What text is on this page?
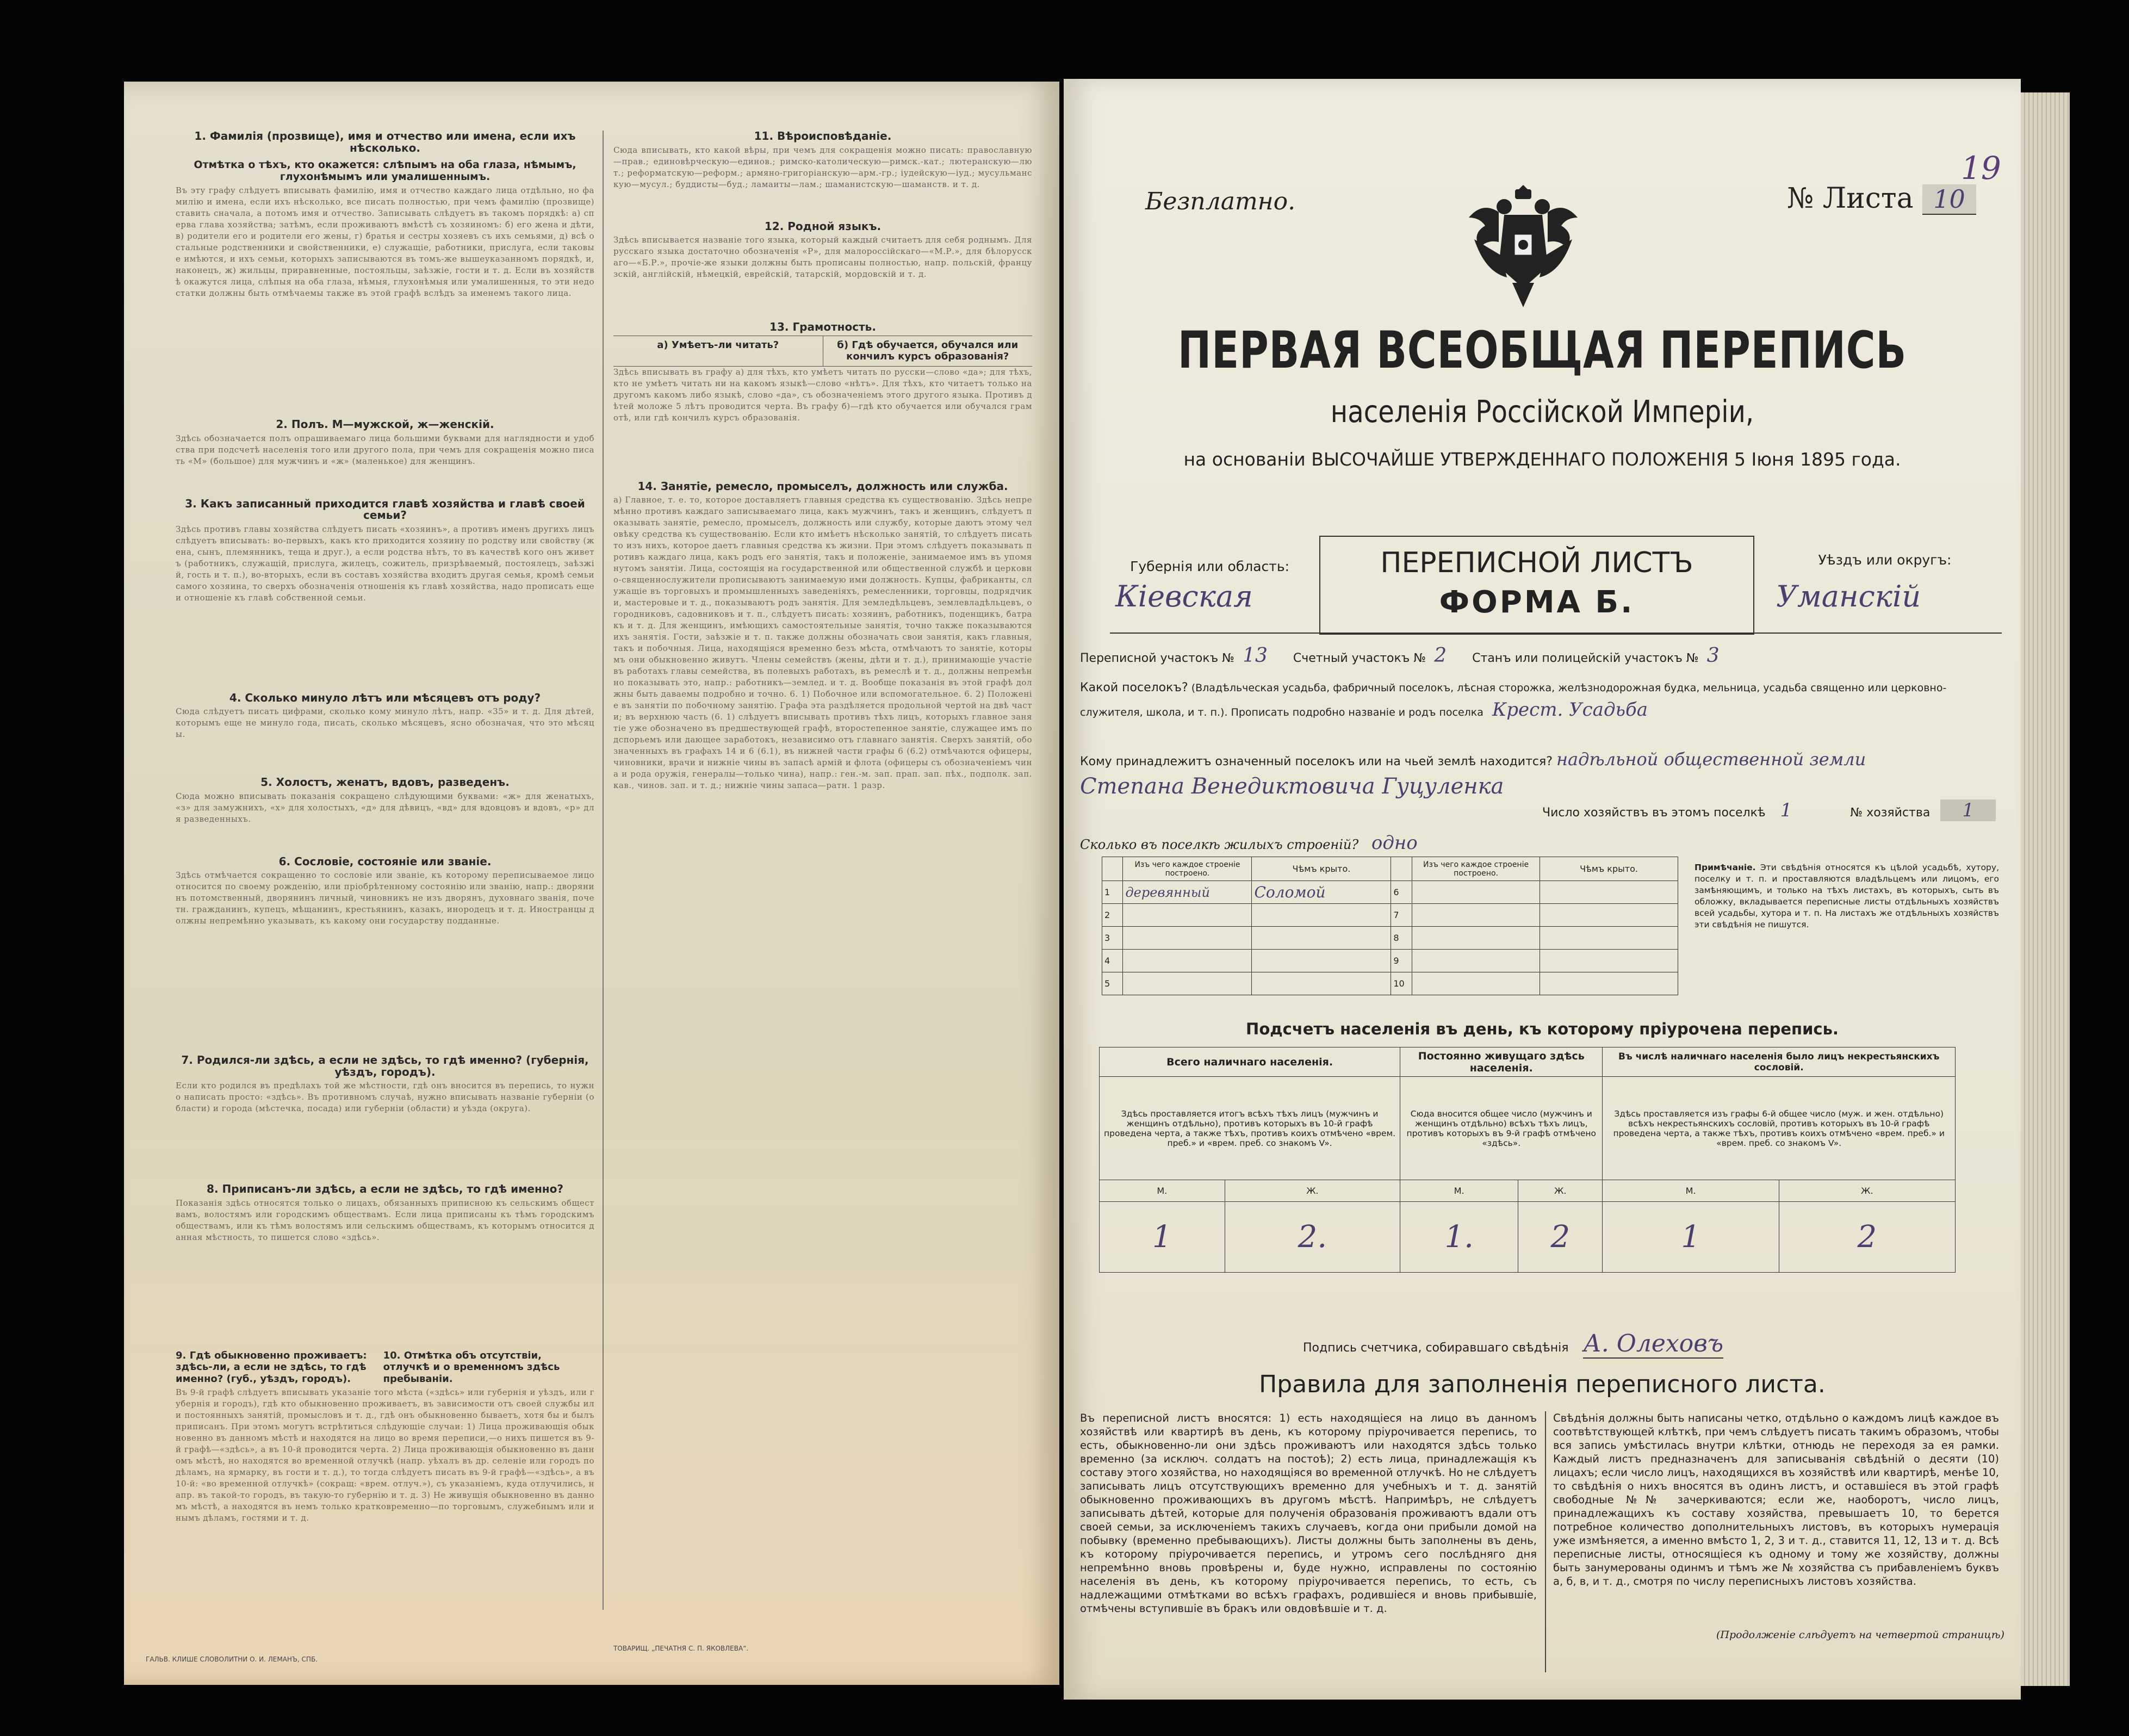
1. Фамилія (прозвище), имя и отчество или имена, если ихъ нѣсколько.
Отмѣтка о тѣхъ, кто окажется: слѣпымъ на оба глаза, нѣмымъ, глухонѣмымъ или умалишеннымъ.
Въ эту графу слѣдуетъ вписывать фамилію, имя и отчество каждаго лица отдѣльно, но фамилію и имена, если ихъ нѣсколько, все писать полностью, при чемъ фамилію (прозвище) ставить сначала, а потомъ имя и отчество. Записывать слѣдуетъ въ такомъ порядкѣ: а) сперва глава хозяйства; затѣмъ, если проживаютъ вмѣстѣ съ хозяиномъ: б) его жена и дѣти, в) родители его и родители его жены, г) братья и сестры хозяевъ съ ихъ семьями, д) всѣ остальные родственники и свойственники, е) служащіе, работники, прислуга, если таковые имѣются, и ихъ семьи, которыхъ записываются въ томъ-же вышеуказанномъ порядкѣ, и, наконецъ, ж) жильцы, приравненные, постояльцы, заѣзжіе, гости и т. д. Если въ хозяйствѣ окажутся лица, слѣпыя на оба глаза, нѣмыя, глухонѣмыя или умалишенныя, то эти недостатки должны быть отмѣчаемы также въ этой графѣ вслѣдъ за именемъ такого лица.
2. Полъ. М—мужской, ж—женскій.
Здѣсь обозначается полъ опрашиваемаго лица большими буквами для наглядности и удобства при подсчетѣ населенія того или другого пола, при чемъ для сокращенія можно писать «М» (большое) для мужчинъ и «ж» (маленькое) для женщинъ.
3. Какъ записанный приходится главѣ хозяйства и главѣ своей семьи?
Здѣсь противъ главы хозяйства слѣдуетъ писать «хозяинъ», а противъ именъ другихъ лицъ слѣдуетъ вписывать: во-первыхъ, какъ кто приходится хозяину по родству или свойству (жена, сынъ, племянникъ, теща и друг.), а если родства нѣтъ, то въ качествѣ кого онъ живетъ (работникъ, служащій, прислуга, жилецъ, сожитель, призрѣваемый, постоялецъ, заѣзжій, гость и т. п.), во-вторыхъ, если въ составъ хозяйства входитъ другая семья, кромѣ семьи самого хозяина, то сверхъ обозначенія отношенія къ главѣ хозяйства, надо прописать еще и отношеніе къ главѣ собственной семьи.
4. Сколько минуло лѣтъ или мѣсяцевъ отъ роду?
Сюда слѣдуетъ писать цифрами, сколько кому минуло лѣтъ, напр. «35» и т. д. Для дѣтей, которымъ еще не минуло года, писать, сколько мѣсяцевъ, ясно обозначая, что это мѣсяцы.
5. Холостъ, женатъ, вдовъ, разведенъ.
Сюда можно вписывать показанія сокращено слѣдующими буквами: «ж» для женатыхъ, «з» для замужнихъ, «х» для холостыхъ, «д» для дѣвицъ, «вд» для вдовцовъ и вдовъ, «р» для разведенныхъ.
6. Сословіе, состояніе или званіе.
Здѣсь отмѣчается сокращенно то сословіе или званіе, къ которому переписываемое лицо относится по своему рожденію, или пріобрѣтенному состоянію или званію, напр.: дворянинъ потомственный, дворянинъ личный, чиновникъ не изъ дворянъ, духовнаго званія, почетн. гражданинъ, купецъ, мѣщанинъ, крестьянинъ, казакъ, инородецъ и т. д. Иностранцы должны непремѣнно указывать, къ какому они государству подданные.
7. Родился-ли здѣсь, а если не здѣсь, то гдѣ именно? (губернія, уѣздъ, городъ).
Если кто родился въ предѣлахъ той же мѣстности, гдѣ онъ вносится въ перепись, то нужно написать просто: «здѣсь». Въ противномъ случаѣ, нужно вписывать названіе губерніи (области) и города (мѣстечка, посада) или губерніи (области) и уѣзда (округа).
8. Приписанъ-ли здѣсь, а если не здѣсь, то гдѣ именно?
Показанія здѣсь относятся только о лицахъ, обязанныхъ приписною къ сельскимъ обществамъ, волостямъ или городскимъ обществамъ. Если лица приписаны къ тѣмъ городскимъ обществамъ, или къ тѣмъ волостямъ или сельскимъ обществамъ, къ которымъ относится данная мѣстность, то пишется слово «здѣсь».
9. Гдѣ обыкновенно проживаетъ: здѣсь-ли, а если не здѣсь, то гдѣ именно? (губ., уѣздъ, городъ).
10. Отмѣтка объ отсутствіи, отлучкѣ и о временномъ здѣсь пребываніи.
Въ 9-й графѣ слѣдуетъ вписывать указаніе того мѣста («здѣсь» или губернія и уѣздъ, или губернія и городъ), гдѣ кто обыкновенно проживаетъ, въ зависимости отъ своей службы или постоянныхъ занятій, промысловъ и т. д., гдѣ онъ обыкновенно бываетъ, хотя бы и былъ приписанъ. При этомъ могутъ встрѣтиться слѣдующіе случаи: 1) Лица проживающія обыкновенно въ данномъ мѣстѣ и находятся на лицо во время переписи,—о нихъ пишется въ 9-й графѣ—«здѣсь», а въ 10-й проводится черта. 2) Лица проживающія обыкновенно въ данномъ мѣстѣ, но находятся во временной отлучкѣ (напр. уѣхалъ въ др. селеніе или городъ по дѣламъ, на ярмарку, въ гости и т. д.), то тогда слѣдуетъ писать въ 9-й графѣ—«здѣсь», а въ 10-й: «во временной отлучкѣ» (сокращ: «врем. отлуч.»), съ указаніемъ, куда отлучились, напр. въ такой-то городъ, въ такую-то губернію и т. д. 3) Не живущія обыкновенно въ данномъ мѣстѣ, а находятся въ немъ только кратковременно—по торговымъ, служебнымъ или инымъ дѣламъ, гостями и т. д.
11. Вѣроисповѣданіе.
Сюда вписывать, кто какой вѣры, при чемъ для сокращенія можно писать: православную—прав.; единовѣрческую—единов.; римско-католическую—римск.-кат.; лютеранскую—лют.; реформатскую—реформ.; армяно-григоріанскую—арм.-гр.; іудейскую—іуд.; мусульманскую—мусул.; буддисты—буд.; ламаиты—лам.; шаманистскую—шаманств. и т. д.
12. Родной языкъ.
Здѣсь вписывается названіе того языка, который каждый считаетъ для себя роднымъ. Для русскаго языка достаточно обозначенія «Р», для малороссійскаго—«М.Р.», для бѣлорусскаго—«Б.Р.», прочіе-же языки должны быть прописаны полностью, напр. польскій, французскій, англійскій, нѣмецкій, еврейскій, татарскій, мордовскій и т. д.
13. Грамотность.
а) Умѣетъ-ли читать?	б) Гдѣ обучается, обучался или кончилъ курсъ образованія?
Здѣсь вписывать въ графу а) для тѣхъ, кто умѣетъ читать по русски—слово «да»; для тѣхъ, кто не умѣетъ читать ни на какомъ языкѣ—слово «нѣтъ». Для тѣхъ, кто читаетъ только на другомъ какомъ либо языкѣ, слово «да», съ обозначеніемъ этого другого языка. Противъ дѣтей моложе 5 лѣтъ проводится черта. Въ графу б)—гдѣ кто обучается или обучался грамотѣ, или гдѣ кончилъ курсъ образованія.
14. Занятіе, ремесло, промыселъ, должность или служба.
а) Главное, т. е. то, которое доставляетъ главныя средства къ существованію. Здѣсь непремѣнно противъ каждаго записываемаго лица, какъ мужчинъ, такъ и женщинъ, слѣдуетъ показывать занятіе, ремесло, промыселъ, должность или службу, которые даютъ этому человѣку средства къ существованію. Если кто имѣетъ нѣсколько занятій, то слѣдуетъ писать то изъ нихъ, которое даетъ главныя средства къ жизни. При этомъ слѣдуетъ показывать противъ каждаго лица, какъ родъ его занятія, такъ и положеніе, занимаемое имъ въ упомянутомъ занятіи. Лица, состоящія на государственной или общественной службѣ и церковно-священнослужители прописываютъ занимаемую ими должность. Купцы, фабриканты, служащіе въ торговыхъ и промышленныхъ заведеніяхъ, ремесленники, торговцы, подрядчики, мастеровые и т. д., показываютъ родъ занятія. Для земледѣльцевъ, землевладѣльцевъ, огородниковъ, садовниковъ и т. п., слѣдуетъ писать: хозяинъ, работникъ, поденщикъ, батракъ и т. д. Для женщинъ, имѣющихъ самостоятельные занятія, точно также показываются ихъ занятія. Гости, заѣзжіе и т. п. также должны обозначать свои занятія, какъ главныя, такъ и побочныя. Лица, находящіяся временно безъ мѣста, отмѣчаютъ то занятіе, которымъ они обыкновенно живутъ. Члены семействъ (жены, дѣти и т. д.), принимающіе участіе въ работахъ главы семейства, въ полевыхъ работахъ, въ ремеслѣ и т. д., должны непремѣнно показывать это, напр.: работникъ—землед. и т. д. Вообще показанія въ этой графѣ должны быть даваемы подробно и точно. 6. 1) Побочное или вспомогательное. 6. 2) Положеніе въ занятіи по побочному занятію. Графа эта раздѣляется продольной чертой на двѣ части; въ верхнюю часть (6. 1) слѣдуетъ вписывать противъ тѣхъ лицъ, которыхъ главное занятіе уже обозначено въ предшествующей графѣ, второстепенное занятіе, служащее имъ подспорьемъ или дающее заработокъ, независимо отъ главнаго занятія. Сверхъ занятій, обозначенныхъ въ графахъ 14 и 6 (6.1), въ нижней части графы 6 (6.2) отмѣчаются офицеры, чиновники, врачи и нижніе чины въ запасѣ армій и флота (офицеры съ обозначеніемъ чина и рода оружія, генералы—только чина), напр.: ген.-м. зап. прап. зап. пѣх., подполк. зап. кав., чинов. зап. и т. д.; нижніе чины запаса—ратн. 1 разр.
ГАЛЬВ. КЛИШЕ СЛОВОЛИТНИ О. И. ЛЕМАНЪ, СПБ.
ТОВАРИЩ. „ПЕЧАТНЯ С. П. ЯКОВЛЕВА“.
Безплатно.	№ Листа 10
19
ПЕРВАЯ ВСЕОБЩАЯ ПЕРЕПИСЬ
населенія Россійской Имперіи,
на основаніи ВЫСОЧАЙШЕ УТВЕРЖДЕННАГО ПОЛОЖЕНІЯ 5 Іюня 1895 года.
Губернія или область:
Кіевская
ПЕРЕПИСНОЙ ЛИСТЪ
ФОРМА Б.
Уѣздъ или округъ:
Уманскій
Переписной участокъ № 13 Счетный участокъ № 2 Станъ или полицейскій участокъ № 3
Какой поселокъ? (Владѣльческая усадьба, фабричный поселокъ, лѣсная сторожка, желѣзнодорожная будка, мельница, усадьба священно или церковно-служителя, школа, и т. п.). Прописать подробно названіе и родъ поселка Крест. Усадьба
Кому принадлежитъ означенный поселокъ или на чьей землѣ находится? надѣльной общественной земли
Степана Венедиктовича Гуцуленка
Число хозяйствъ въ этомъ поселкѣ 1	№ хозяйства 1
Сколько въ поселкѣ жилыхъ строеній? одно
	Изъ чего каждое строеніе построено.	Чѣмъ крыто.		Изъ чего каждое строеніе построено.	Чѣмъ крыто.
1	деревянный	Соломой	6		
2			7		
3			8		
4			9		
5			10		
Примѣчаніе. Эти свѣдѣнія относятся къ цѣлой усадьбѣ, хутору, поселку и т. п. и проставляются владѣльцемъ или лицомъ, его замѣняющимъ, и только на тѣхъ листахъ, въ которыхъ, сыть въ обложку, вкладывается переписные листы отдѣльныхъ хозяйствъ всей усадьбы, хутора и т. п. На листахъ же отдѣльныхъ хозяйствъ эти свѣдѣнія не пишутся.
Подсчетъ населенія въ день, къ которому пріурочена перепись.
Всего наличнаго населенія.		Постоянно живущаго здѣсь населенія.		Въ числѣ наличнаго населенія было лицъ некрестьянскихъ сословій.	
Здѣсь проставляется итогъ всѣхъ тѣхъ лицъ (мужчинъ и женщинъ отдѣльно), противъ которыхъ въ 10-й графѣ проведена черта, а также тѣхъ, противъ коихъ отмѣчено «врем. преб.» и «врем. преб. со знакомъ V».		Сюда вносится общее число (мужчинъ и женщинъ отдѣльно) всѣхъ тѣхъ лицъ, противъ которыхъ въ 9-й графѣ отмѣчено «здѣсь».		Здѣсь проставляется изъ графы 6-й общее число (муж. и жен. отдѣльно) всѣхъ некрестьянскихъ сословій, противъ которыхъ въ 10-й графѣ проведена черта, а также тѣхъ, противъ коихъ отмѣчено «врем. преб.» и «врем. преб. со знакомъ V».	
М.	Ж.	М.	Ж.	М.	Ж.
1	2.	1.	2	1	2
Подпись счетчика, собиравшаго свѣдѣнія А. Олеховъ
Правила для заполненія переписного листа.
Въ переписной листъ вносятся: 1) есть находящіеся на лицо въ данномъ хозяйствѣ или квартирѣ въ день, къ которому пріурочивается перепись, то есть, обыкновенно-ли они здѣсь проживаютъ или находятся здѣсь только временно (за исключ. солдатъ на постоѣ); 2) есть лица, принадлежащія къ составу этого хозяйства, но находящіяся во временной отлучкѣ. Но не слѣдуетъ записывать лицъ отсутствующихъ временно для учебныхъ и т. д. занятій обыкновенно проживающихъ въ другомъ мѣстѣ. Напримѣръ, не слѣдуетъ записывать дѣтей, которые для полученія образованія проживаютъ вдали отъ своей семьи, за исключеніемъ такихъ случаевъ, когда они прибыли домой на побывку (временно пребывающихъ). Листы должны быть заполнены въ день, къ которому пріурочивается перепись, и утромъ сего послѣдняго дня непремѣнно вновь провѣрены и, буде нужно, исправлены по состоянію населенія въ день, къ которому пріурочивается перепись, то есть, съ надлежащими отмѣтками во всѣхъ графахъ, родившіеся и вновь прибывшіе, отмѣчены вступившіе въ бракъ или овдовѣвшіе и т. д.
Свѣдѣнія должны быть написаны четко, отдѣльно о каждомъ лицѣ каждое въ соотвѣтствующей клѣткѣ, при чемъ слѣдуетъ писать такимъ образомъ, чтобы вся запись умѣстилась внутри клѣтки, отнюдь не переходя за ея рамки. Каждый листъ предназначенъ для записыванія свѣдѣній о десяти (10) лицахъ; если число лицъ, находящихся въ хозяйствѣ или квартирѣ, менѣе 10, то свѣдѣнія о нихъ вносятся въ одинъ листъ, и оставшіеся въ этой графѣ свободные №№ зачеркиваются; если же, наоборотъ, число лицъ, принадлежащихъ къ составу хозяйства, превышаетъ 10, то берется потребное количество дополнительныхъ листовъ, въ которыхъ нумерація уже измѣняется, а именно вмѣсто 1, 2, 3 и т. д., ставится 11, 12, 13 и т. д. Всѣ переписные листы, относящіеся къ одному и тому же хозяйству, должны быть занумерованы одинмъ и тѣмъ же № хозяйства съ прибавленіемъ буквъ а, б, в, и т. д., смотря по числу переписныхъ листовъ хозяйства.
(Продолженіе слѣдуетъ на четвертой страницѣ)
